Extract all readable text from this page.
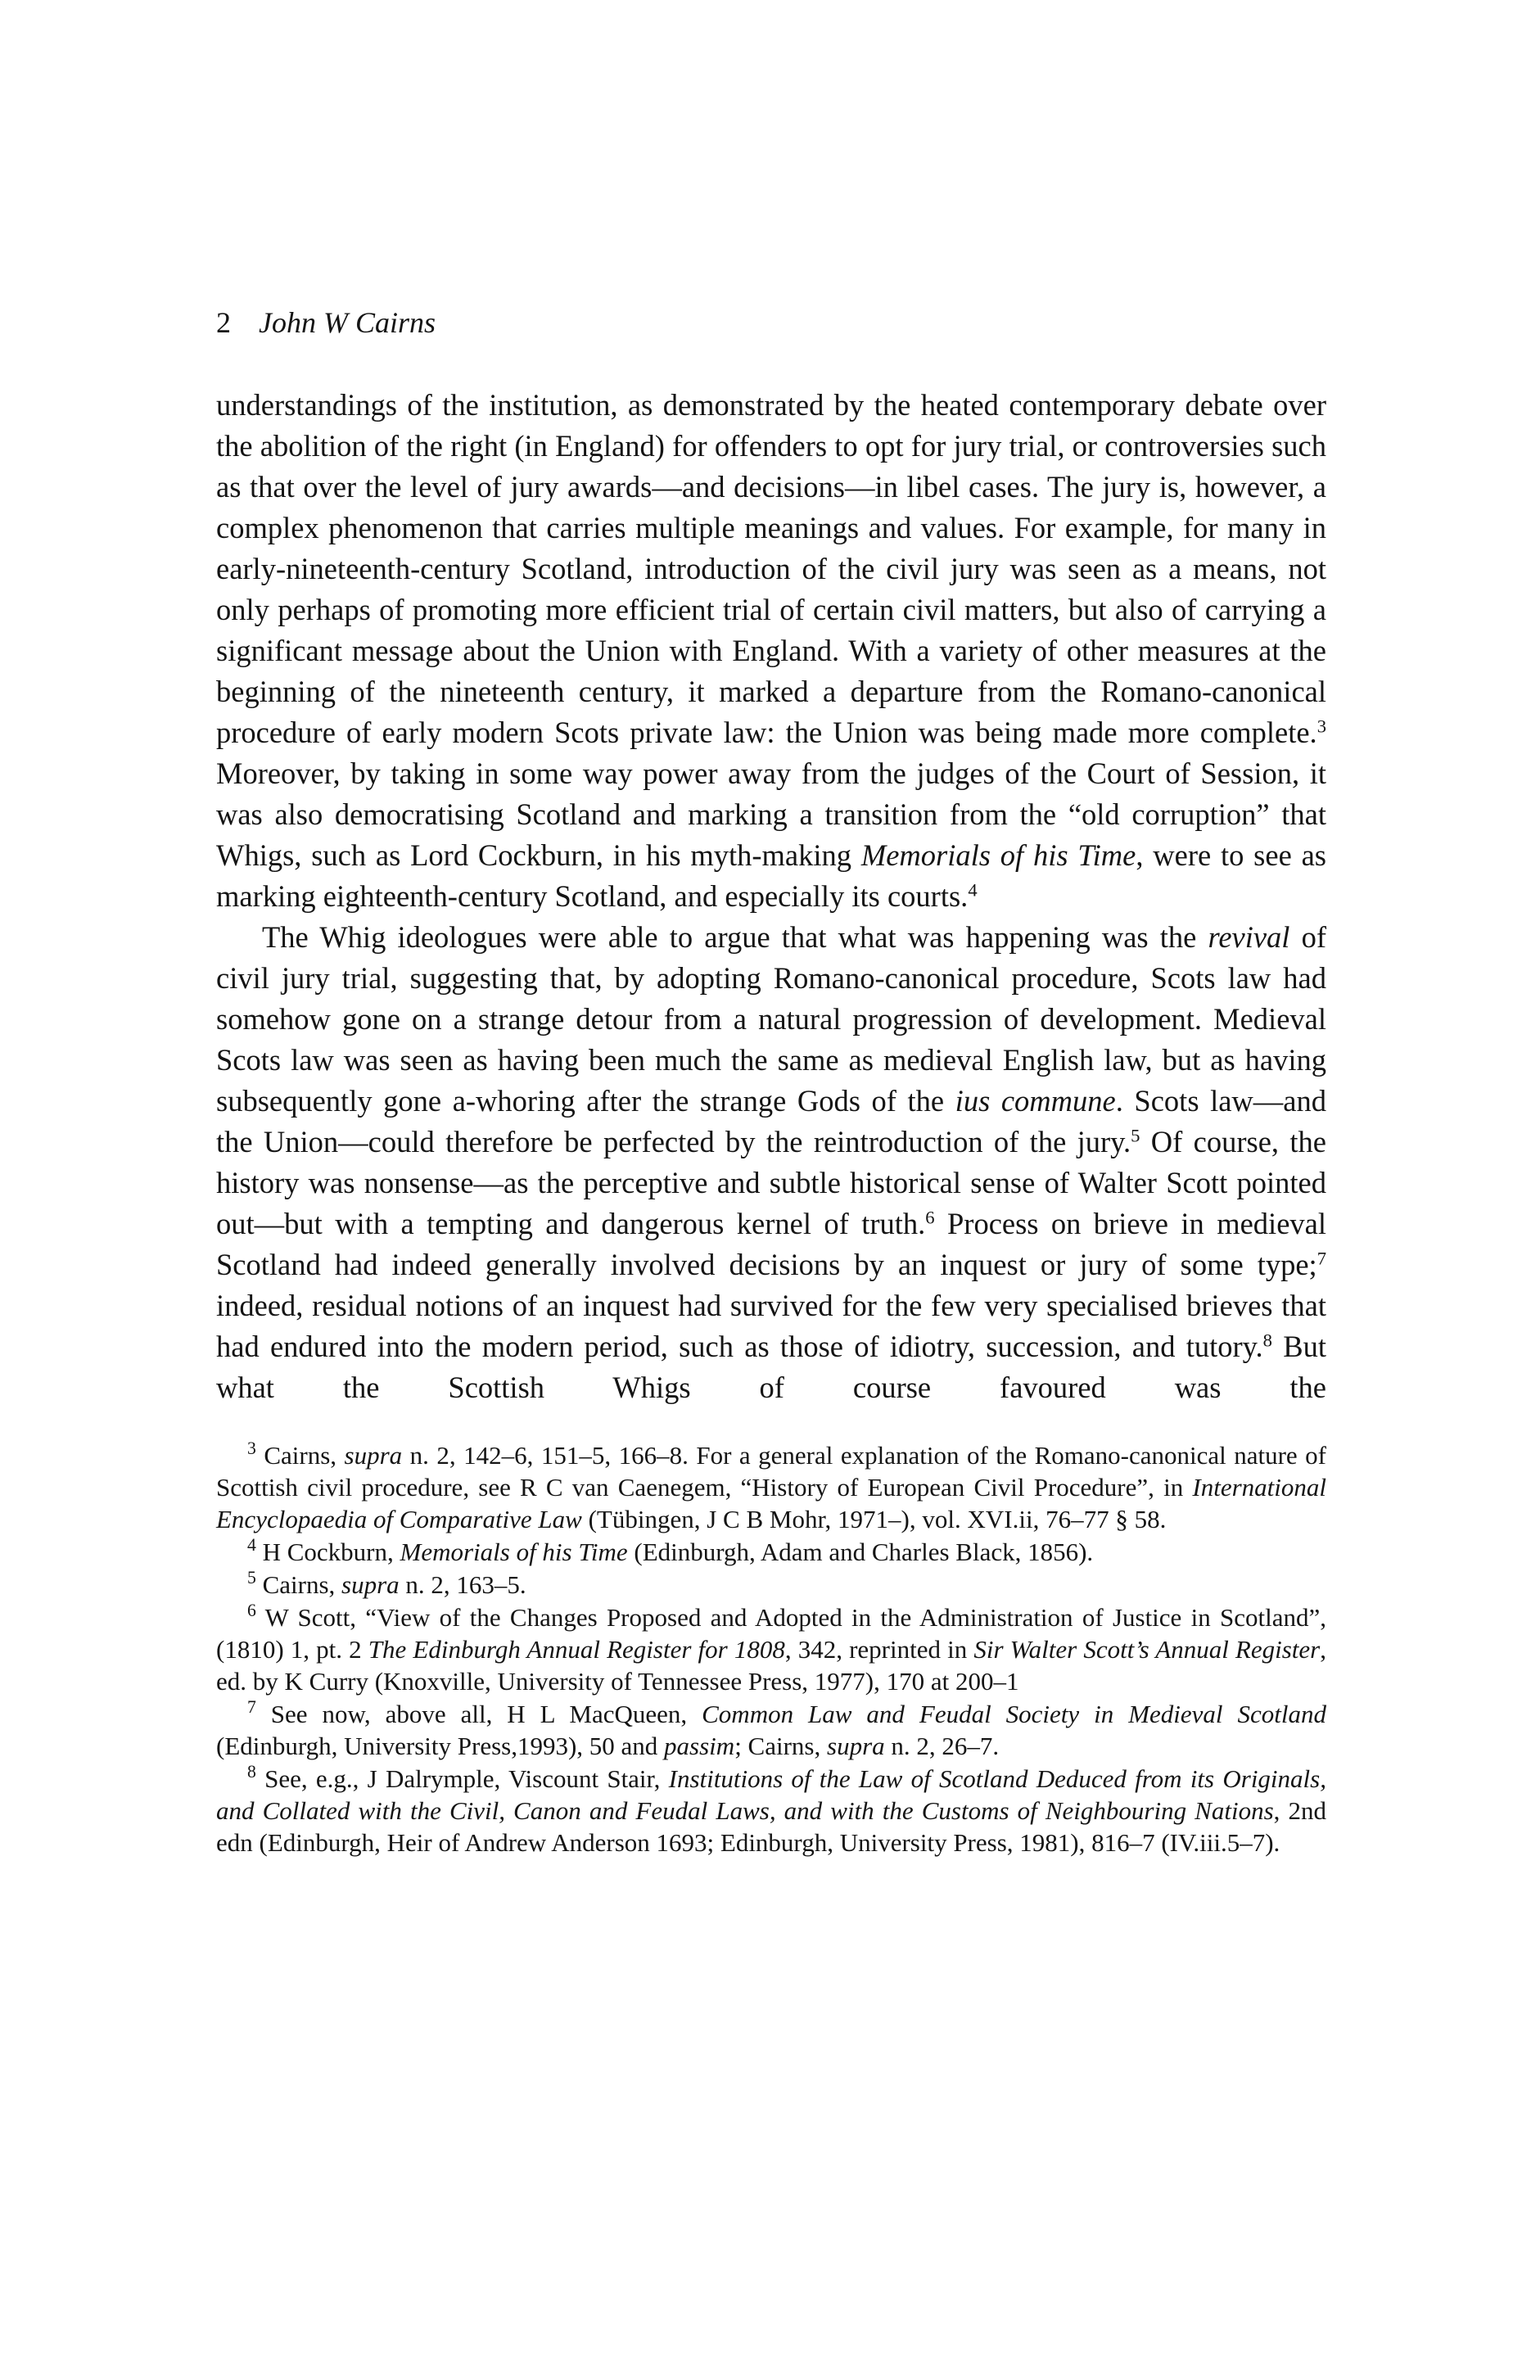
2 John W Cairns

understandings of the institution, as demonstrated by the heated contemporary debate over the abolition of the right (in England) for offenders to opt for jury trial, or controversies such as that over the level of jury awards—and decisions—in libel cases. The jury is, however, a complex phenomenon that carries multiple meanings and values. For example, for many in early-nineteenth-century Scotland, introduction of the civil jury was seen as a means, not only perhaps of promoting more efficient trial of certain civil matters, but also of carrying a significant message about the Union with England. With a variety of other measures at the beginning of the nineteenth century, it marked a departure from the Romano-canonical procedure of early modern Scots private law: the Union was being made more complete.$^3$ Moreover, by taking in some way power away from the judges of the Court of Session, it was also democratising Scotland and marking a transition from the “old corruption” that Whigs, such as Lord Cockburn, in his myth-making Memorials of his Time, were to see as marking eighteenth-century Scotland, and especially its courts.$^4$

The Whig ideologues were able to argue that what was happening was the revival of civil jury trial, suggesting that, by adopting Romano-canonical procedure, Scots law had somehow gone on a strange detour from a natural progression of development. Medieval Scots law was seen as having been much the same as medieval English law, but as having subsequently gone a-whoring after the strange Gods of the ius commune. Scots law—and the Union—could therefore be perfected by the reintroduction of the jury.$^5$ Of course, the history was nonsense—as the perceptive and subtle historical sense of Walter Scott pointed out—but with a tempting and dangerous kernel of truth.$^6$ Process on brieve in medieval Scotland had indeed generally involved decisions by an inquest or jury of some type;$^7$ indeed, residual notions of an inquest had survived for the few very specialised brieves that had endured into the modern period, such as those of idiotry, succession, and tutory.$^8$ But what the Scottish Whigs of course favoured was the

$^3$ Cairns, supra n. 2, 142–6, 151–5, 166–8. For a general explanation of the Romano-canonical nature of Scottish civil procedure, see R C van Caenegem, “History of European Civil Procedure”, in International Encyclopaedia of Comparative Law (Tübingen, J C B Mohr, 1971–), vol. XVI.ii, 76–77 § 58.

$^4$ H Cockburn, Memorials of his Time (Edinburgh, Adam and Charles Black, 1856).

$^5$ Cairns, supra n. 2, 163–5.

$^6$ W Scott, “View of the Changes Proposed and Adopted in the Administration of Justice in Scotland”, (1810) 1, pt. 2 The Edinburgh Annual Register for 1808, 342, reprinted in Sir Walter Scott’s Annual Register, ed. by K Curry (Knoxville, University of Tennessee Press, 1977), 170 at 200–1

$^7$ See now, above all, H L MacQueen, Common Law and Feudal Society in Medieval Scotland (Edinburgh, University Press,1993), 50 and passim; Cairns, supra n. 2, 26–7.

$^8$ See, e.g., J Dalrymple, Viscount Stair, Institutions of the Law of Scotland Deduced from its Originals, and Collated with the Civil, Canon and Feudal Laws, and with the Customs of Neighbouring Nations, 2nd edn (Edinburgh, Heir of Andrew Anderson 1693; Edinburgh, University Press, 1981), 816–7 (IV.iii.5–7).
